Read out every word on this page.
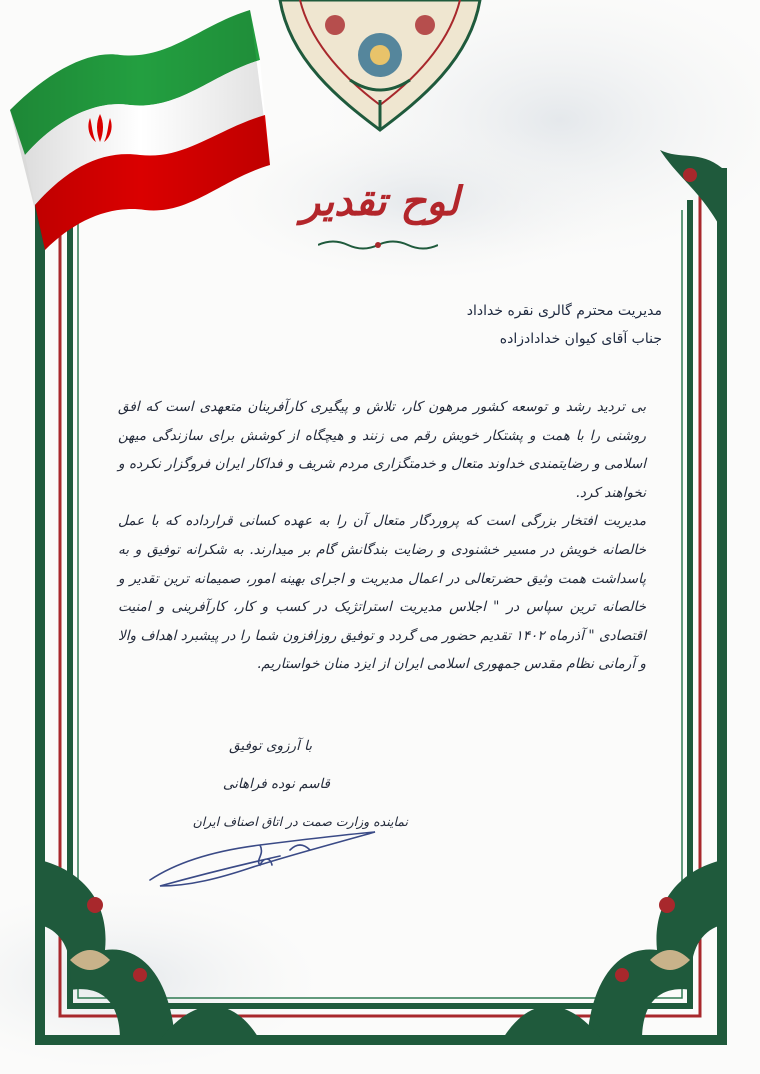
لوح تقدیر
مدیریت محترم گالری نقره خداداد
جناب آقای کیوان خدادادزاده

بی تردید رشد و توسعه کشور مرهون کار، تلاش و پیگیری کارآفرینان متعهدی است که افق روشنی را با همت و پشتکار خویش رقم می زنند و هیچگاه از کوشش برای سازندگی میهن اسلامی و رضایتمندی خداوند متعال و خدمتگزاری مردم شریف و فداکار ایران فروگزار نکرده و نخواهند کرد.

مدیریت افتخار بزرگی است که پروردگار متعال آن را به عهده کسانی قرارداده که با عمل خالصانه خویش در مسیر خشنودی و رضایت بندگانش گام بر میدارند. به شکرانه توفیق و به پاسداشت همت وثیق حضرتعالی در اعمال مدیریت و اجرای بهینه امور، صمیمانه ترین تقدیر و خالصانه ترین سپاس در " اجلاس مدیریت استراتژیک در کسب و کار، کارآفرینی و امنیت اقتصادی " آذرماه ۱۴۰۲ تقدیم حضور می گردد و توفیق روزافزون شما را در پیشبرد اهداف والا و آرمانی نظام مقدس جمهوری اسلامی ایران از ایزد منان خواستاریم.

با آرزوی توفیق
قاسم نوده فراهانی
نماینده وزارت صمت در اتاق اصناف ایران
